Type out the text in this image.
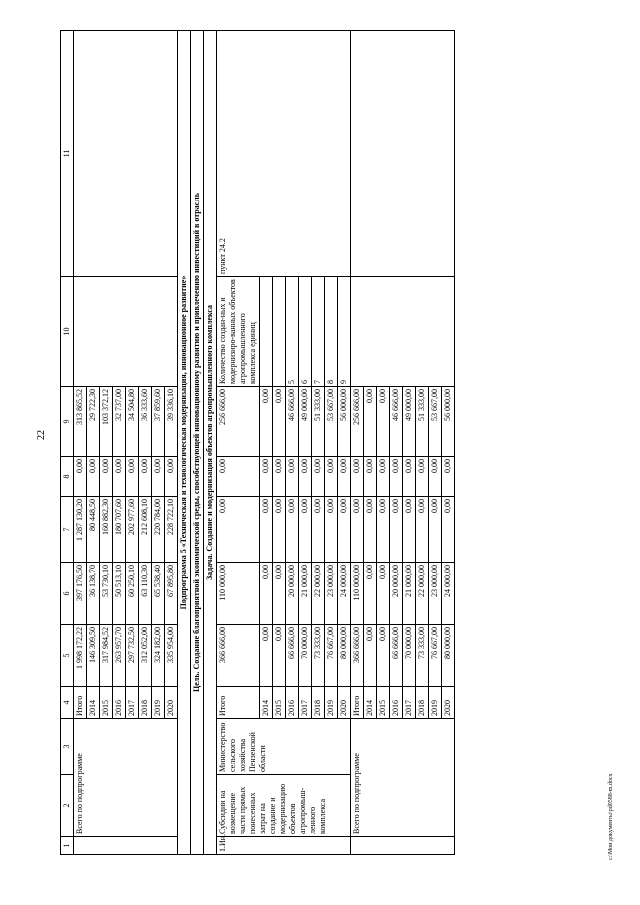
22
c:\Мои документы\pd0588-m.docx
1	2	3	4	5	6	7	8	9	10	11
	Всего по подпрограмме		Итого	1 998 172,22	397 176,50	1 287 130,20	0,00	313 865,52		
			2014	146 309,50	36 138,70	80 448,50	0,00	29 722,30		
			2015	317 984,52	53 730,10	160 882,30	0,00	103 372,12		
			2016	263 957,70	50 513,10	180 707,60	0,00	32 737,00		
			2017	297 732,50	60 250,10	202 977,60	0,00	34 504,80		
			2018	312 052,00	63 110,30	212 608,10	0,00	36 333,60		
			2019	324 182,00	65 538,40	220 784,00	0,00	37 859,60		
			2020	335 954,00	67 895,80	228 722,10	0,00	39 336,10		
Подпрограмма 5 «Техническая и технологическая модернизация, инновационное развитие»										
Цель. Создание благоприятной экономической среды, способствующей инновационному развитию и привлечению инвестиций в отрасль										
Задача. Создание и модернизация объектов агропромышленного комплекса										
1.Ин.	Субсидии на возмещение части прямых понесенных затрат на создание и модернизацию объектов агропромыш-ленного комплекса	Министерство сельского хозяйства Пензенской области	Итого	366 666,00	110 000,00	0,00	0,00	256 666,00	Количество создан-ных и модернизиро-ванных объектов агропромышленного комплекса единиц	пункт 24.2
			2014	0,00	0,00	0,00	0,00	0,00		
			2015	0,00	0,00	0,00	0,00	0,00		
			2016	66 666,00	20 000,00	0,00	0,00	46 666,00	5	
			2017	70 000,00	21 000,00	0,00	0,00	49 000,00	6	
			2018	73 333,00	22 000,00	0,00	0,00	51 333,00	7	
			2019	76 667,00	23 000,00	0,00	0,00	53 667,00	8	
			2020	80 000,00	24 000,00	0,00	0,00	56 000,00	9	
	Всего по подпрограмме		Итого	366 666,00	110 000,00	0,00	0,00	256 666,00		
			2014	0,00	0,00	0,00	0,00	0,00		
			2015	0,00	0,00	0,00	0,00	0,00		
			2016	66 666,00	20 000,00	0,00	0,00	46 666,00		
			2017	70 000,00	21 000,00	0,00	0,00	49 000,00		
			2018	73 333,00	22 000,00	0,00	0,00	51 333,00		
			2019	76 667,00	23 000,00	0,00	0,00	53 667,00		
			2020	80 000,00	24 000,00	0,00	0,00	56 000,00		
